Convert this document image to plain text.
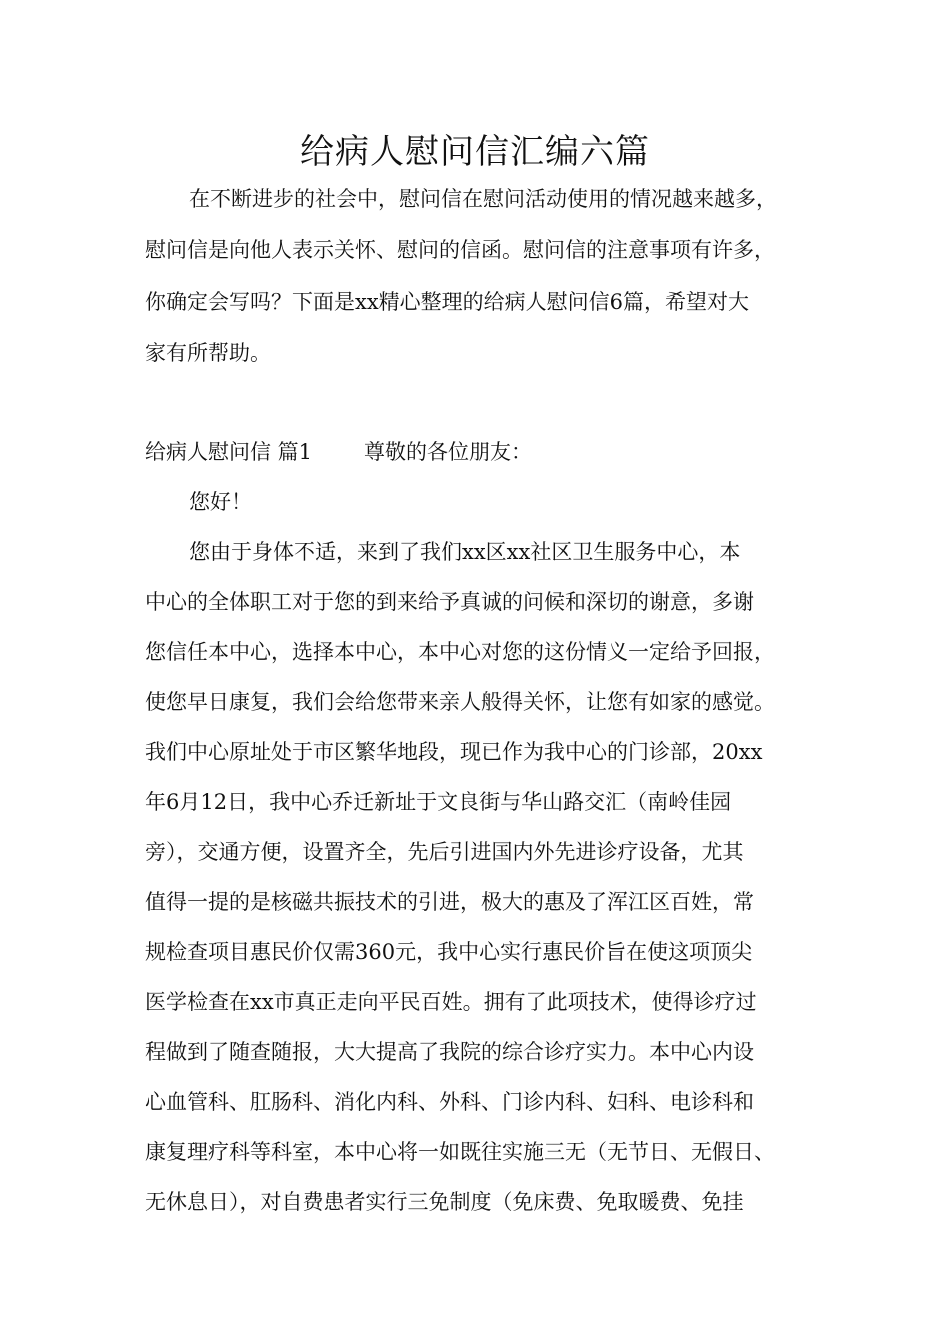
给病人慰问信汇编六篇
在不断进步的社会中，慰问信在慰问活动使用的情况越来越多，
慰问信是向他人表示关怀、慰问的信函。慰问信的注意事项有许多，
你确定会写吗？下面是xx精心整理的给病人慰问信6篇，希望对大
家有所帮助。
给病人慰问信 篇1 尊敬的各位朋友：
您好！
您由于身体不适，来到了我们xx区xx社区卫生服务中心，本
中心的全体职工对于您的到来给予真诚的问候和深切的谢意，多谢
您信任本中心，选择本中心，本中心对您的这份情义一定给予回报，
使您早日康复，我们会给您带来亲人般得关怀，让您有如家的感觉。
我们中心原址处于市区繁华地段，现已作为我中心的门诊部，20xx
年6月12日，我中心乔迁新址于文良街与华山路交汇（南岭佳园
旁），交通方便，设置齐全，先后引进国内外先进诊疗设备，尤其
值得一提的是核磁共振技术的引进，极大的惠及了浑江区百姓，常
规检查项目惠民价仅需360元，我中心实行惠民价旨在使这项顶尖
医学检查在xx市真正走向平民百姓。拥有了此项技术，使得诊疗过
程做到了随查随报，大大提高了我院的综合诊疗实力。本中心内设
心血管科、肛肠科、消化内科、外科、门诊内科、妇科、电诊科和
康复理疗科等科室，本中心将一如既往实施三无（无节日、无假日、
无休息日），对自费患者实行三免制度（免床费、免取暖费、免挂
